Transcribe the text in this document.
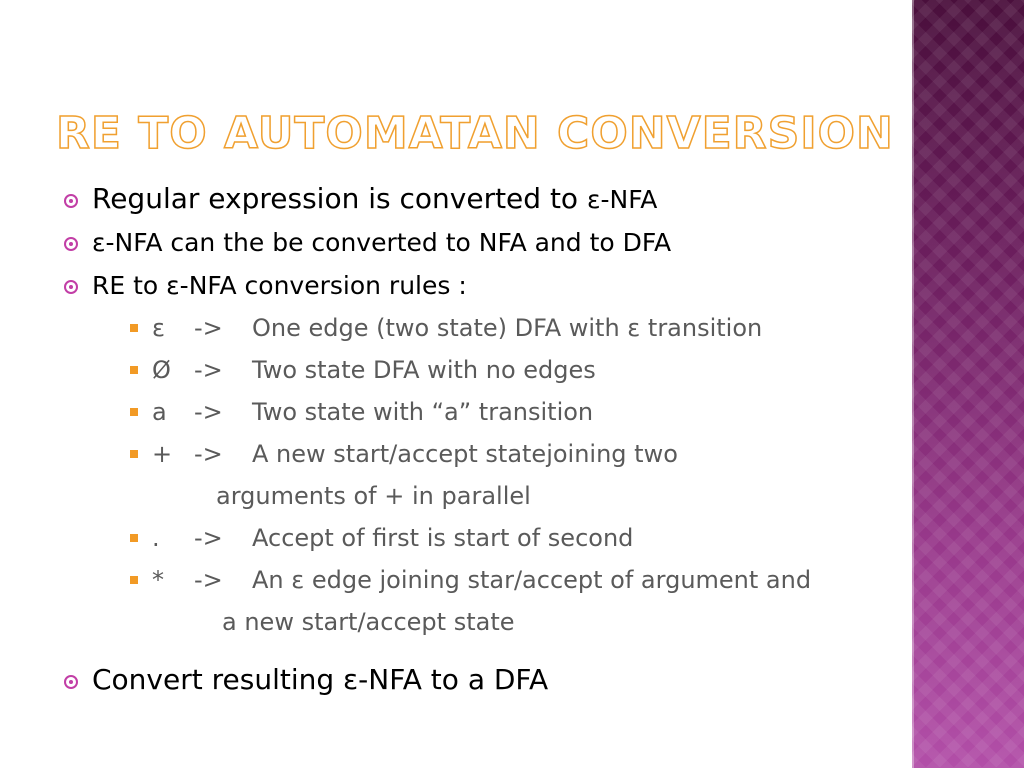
RE TO AUTOMATAN CONVERSION
Regular expression is converted to ε-NFA
ε-NFA can the be converted to NFA and to DFA
RE to ε-NFA conversion rules :
ε -> One edge (two state) DFA with ε transition
Ø -> Two state DFA with no edges
a -> Two state with “a” transition
+ -> A new start/accept statejoining two
arguments of + in parallel
. -> Accept of first is start of second
* -> An ε edge joining star/accept of argument and
a new start/accept state
Convert resulting ε-NFA to a DFA
